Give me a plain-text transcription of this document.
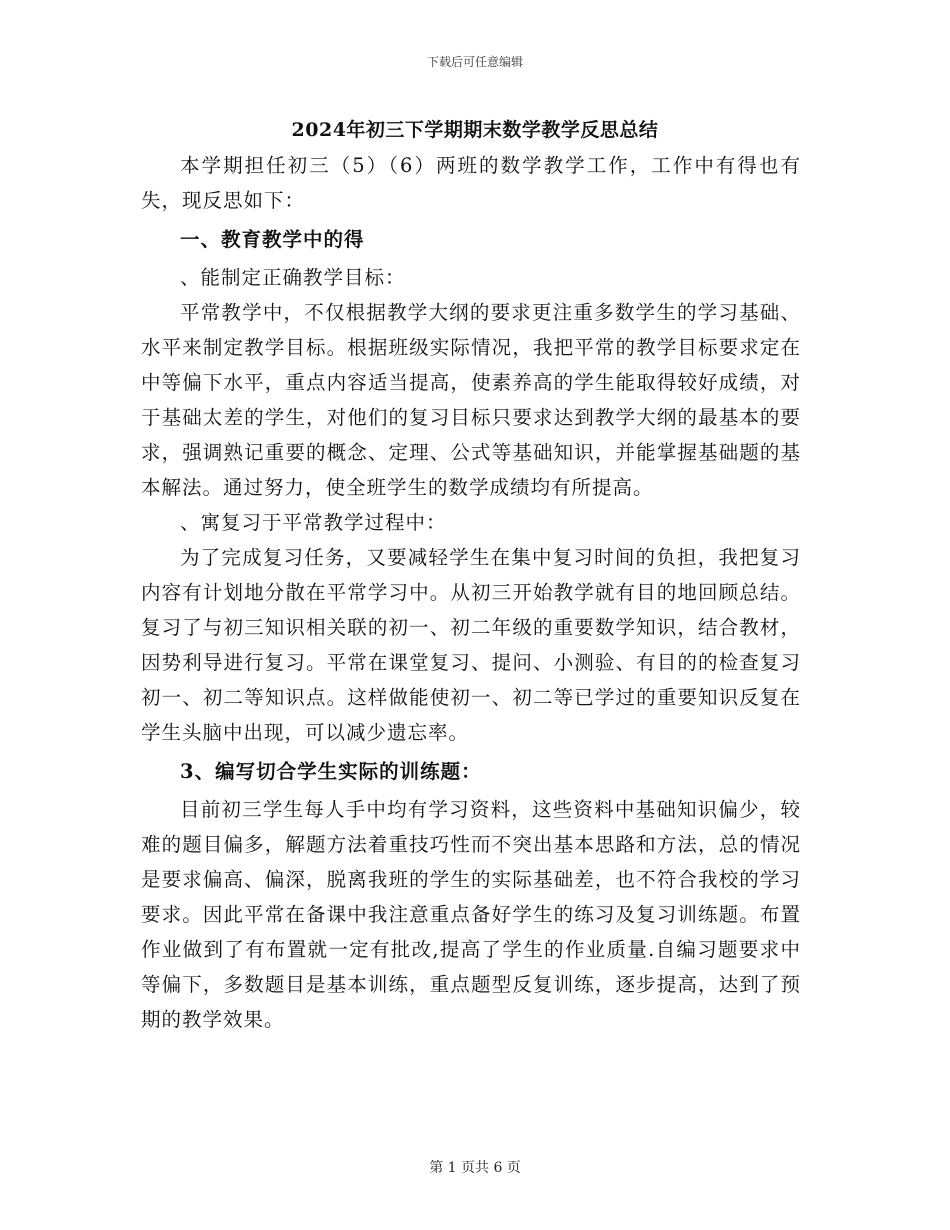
下载后可任意编辑
2024年初三下学期期末数学教学反思总结

本学期担任初三（5）（6）两班的数学教学工作，工作中有得也有失，现反思如下：

一、教育教学中的得

、能制定正确教学目标：

平常教学中，不仅根据教学大纲的要求更注重多数学生的学习基础、水平来制定教学目标。根据班级实际情况，我把平常的教学目标要求定在中等偏下水平，重点内容适当提高，使素养高的学生能取得较好成绩，对于基础太差的学生，对他们的复习目标只要求达到教学大纲的最基本的要求，强调熟记重要的概念、定理、公式等基础知识，并能掌握基础题的基本解法。通过努力，使全班学生的数学成绩均有所提高。

、寓复习于平常教学过程中：

为了完成复习任务，又要减轻学生在集中复习时间的负担，我把复习内容有计划地分散在平常学习中。从初三开始教学就有目的地回顾总结。复习了与初三知识相关联的初一、初二年级的重要数学知识，结合教材，因势利导进行复习。平常在课堂复习、提问、小测验、有目的的检查复习初一、初二等知识点。这样做能使初一、初二等已学过的重要知识反复在学生头脑中出现，可以减少遗忘率。

3、编写切合学生实际的训练题：

目前初三学生每人手中均有学习资料，这些资料中基础知识偏少，较难的题目偏多，解题方法着重技巧性而不突出基本思路和方法，总的情况是要求偏高、偏深，脱离我班的学生的实际基础差，也不符合我校的学习要求。因此平常在备课中我注意重点备好学生的练习及复习训练题。布置作业做到了有布置就一定有批改,提高了学生的作业质量.自编习题要求中等偏下，多数题目是基本训练，重点题型反复训练，逐步提高，达到了预期的教学效果。

第 1 页共 6 页
